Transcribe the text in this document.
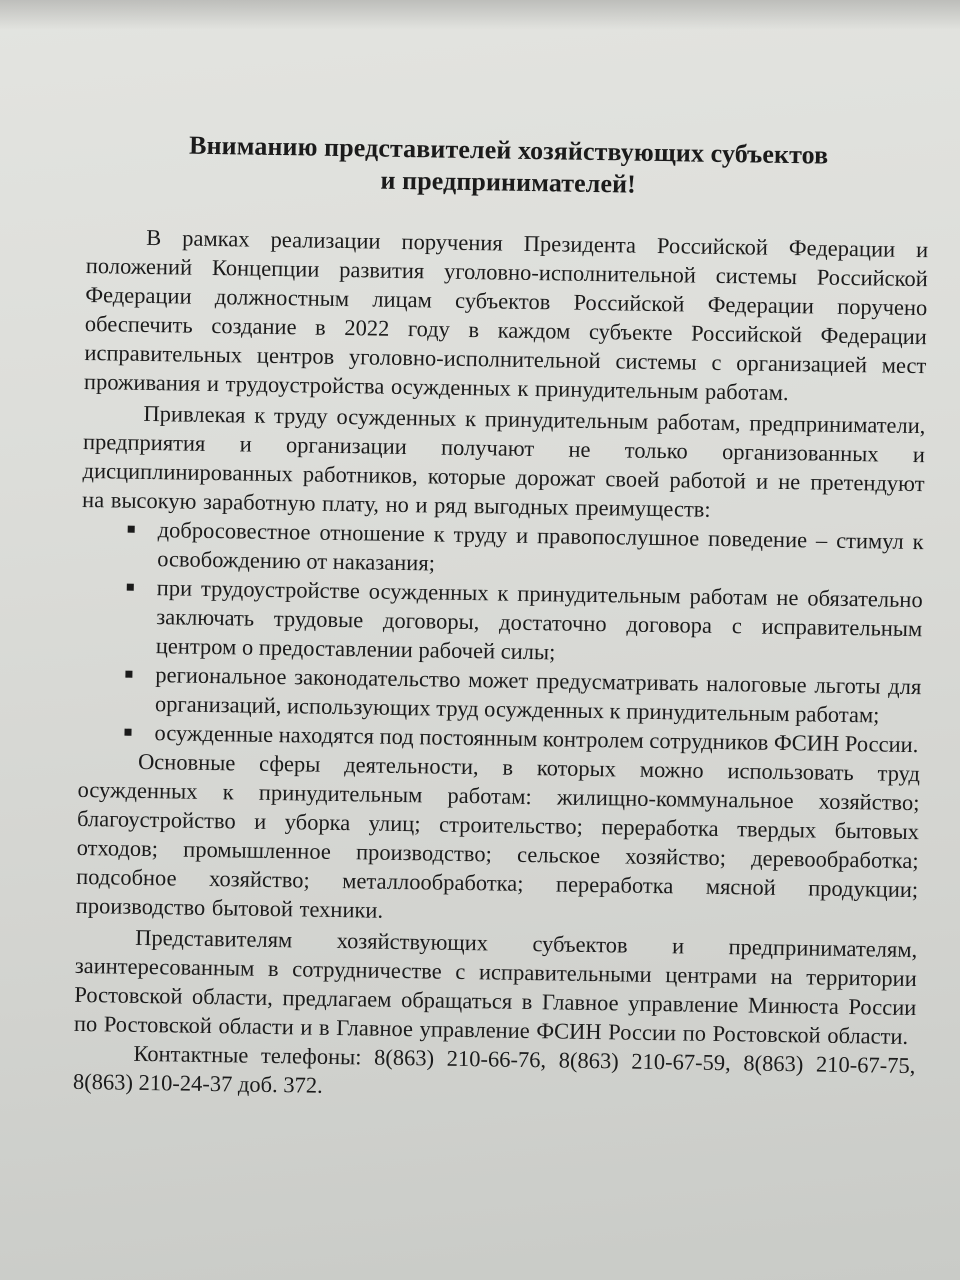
Вниманию представителей хозяйствующих субъектов
и предпринимателей!

В рамках реализации поручения Президента Российской Федерации и положений Концепции развития уголовно-исполнительной системы Российской Федерации должностным лицам субъектов Российской Федерации поручено обеспечить создание в 2022 году в каждом субъекте Российской Федерации исправительных центров уголовно-исполнительной системы с организацией мест проживания и трудоустройства осужденных к принудительным работам.

Привлекая к труду осужденных к принудительным работам, предприниматели, предприятия и организации получают не только организованных и дисциплинированных работников, которые дорожат своей работой и не претендуют на высокую заработную плату, но и ряд выгодных преимуществ:

добросовестное отношение к труду и правопослушное поведение – стимул к освобождению от наказания;
при трудоустройстве осужденных к принудительным работам не обязательно заключать трудовые договоры, достаточно договора с исправительным центром о предоставлении рабочей силы;
региональное законодательство может предусматривать налоговые льготы для организаций, использующих труд осужденных к принудительным работам;
осужденные находятся под постоянным контролем сотрудников ФСИН России.

Основные сферы деятельности, в которых можно использовать труд осужденных к принудительным работам: жилищно-коммунальное хозяйство; благоустройство и уборка улиц; строительство; переработка твердых бытовых отходов; промышленное производство; сельское хозяйство; деревообработка; подсобное хозяйство; металлообработка; переработка мясной продукции; производство бытовой техники.

Представителям хозяйствующих субъектов и предпринимателям, заинтересованным в сотрудничестве с исправительными центрами на территории Ростовской области, предлагаем обращаться в Главное управление Минюста России по Ростовской области и в Главное управление ФСИН России по Ростовской области.

Контактные телефоны: 8(863) 210-66-76, 8(863) 210-67-59, 8(863) 210-67-75, 8(863) 210-24-37 доб. 372.
